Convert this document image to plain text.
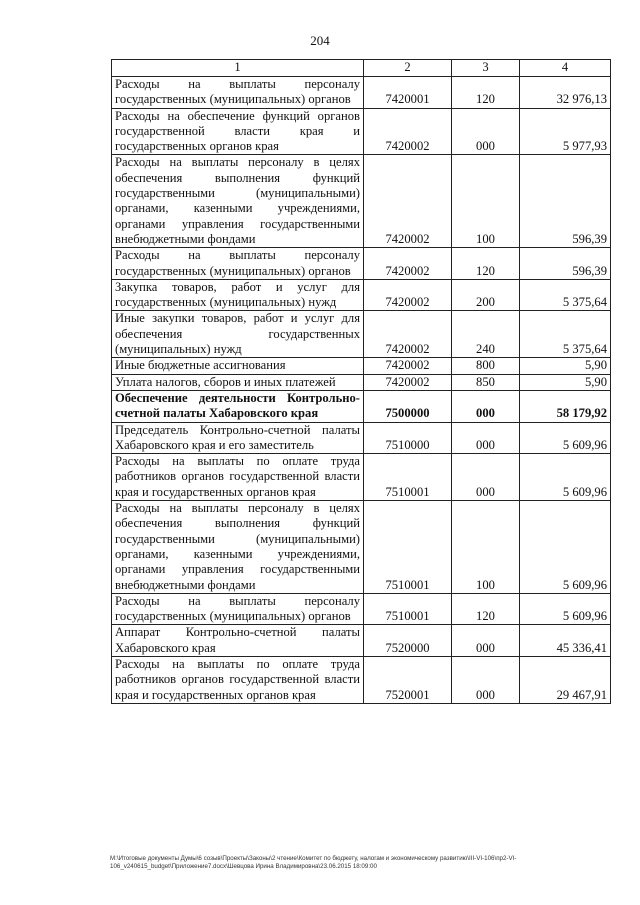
204
1	2	3	4
Расходы на выплаты персоналу государственных (муниципальных) органов	7420001	120	32 976,13
Расходы на обеспечение функций органов государственной власти края и государственных органов края	7420002	000	5 977,93
Расходы на выплаты персоналу в целях обеспечения выполнения функций государственными (муниципальными) органами, казенными учреждениями, органами управления государственными внебюджетными фондами	7420002	100	596,39
Расходы на выплаты персоналу государственных (муниципальных) органов	7420002	120	596,39
Закупка товаров, работ и услуг для государственных (муниципальных) нужд	7420002	200	5 375,64
Иные закупки товаров, работ и услуг для обеспечения государственных (муниципальных) нужд	7420002	240	5 375,64
Иные бюджетные ассигнования	7420002	800	5,90
Уплата налогов, сборов и иных платежей	7420002	850	5,90
Обеспечение деятельности Контрольно-счетной палаты Хабаровского края	7500000	000	58 179,92
Председатель Контрольно-счетной палаты Хабаровского края и его заместитель	7510000	000	5 609,96
Расходы на выплаты по оплате труда работников органов государственной власти края и государственных органов края	7510001	000	5 609,96
Расходы на выплаты персоналу в целях обеспечения выполнения функций государственными (муниципальными) органами, казенными учреждениями, органами управления государственными внебюджетными фондами	7510001	100	5 609,96
Расходы на выплаты персоналу государственных (муниципальных) органов	7510001	120	5 609,96
Аппарат Контрольно-счетной палаты Хабаровского края	7520000	000	45 336,41
Расходы на выплаты по оплате труда работников органов государственной власти края и государственных органов края	7520001	000	29 467,91
M:\Итоговые документы Думы\6 созыв\Проекты\Законы\2 чтение\Комитет по бюджету, налогам и экономическому развитию\III-VI-106\пр2-VI-106_v240615_budget\Приложение7.docx\Шевцова Ирина Владимировна\23.06.2015 18:09:00
